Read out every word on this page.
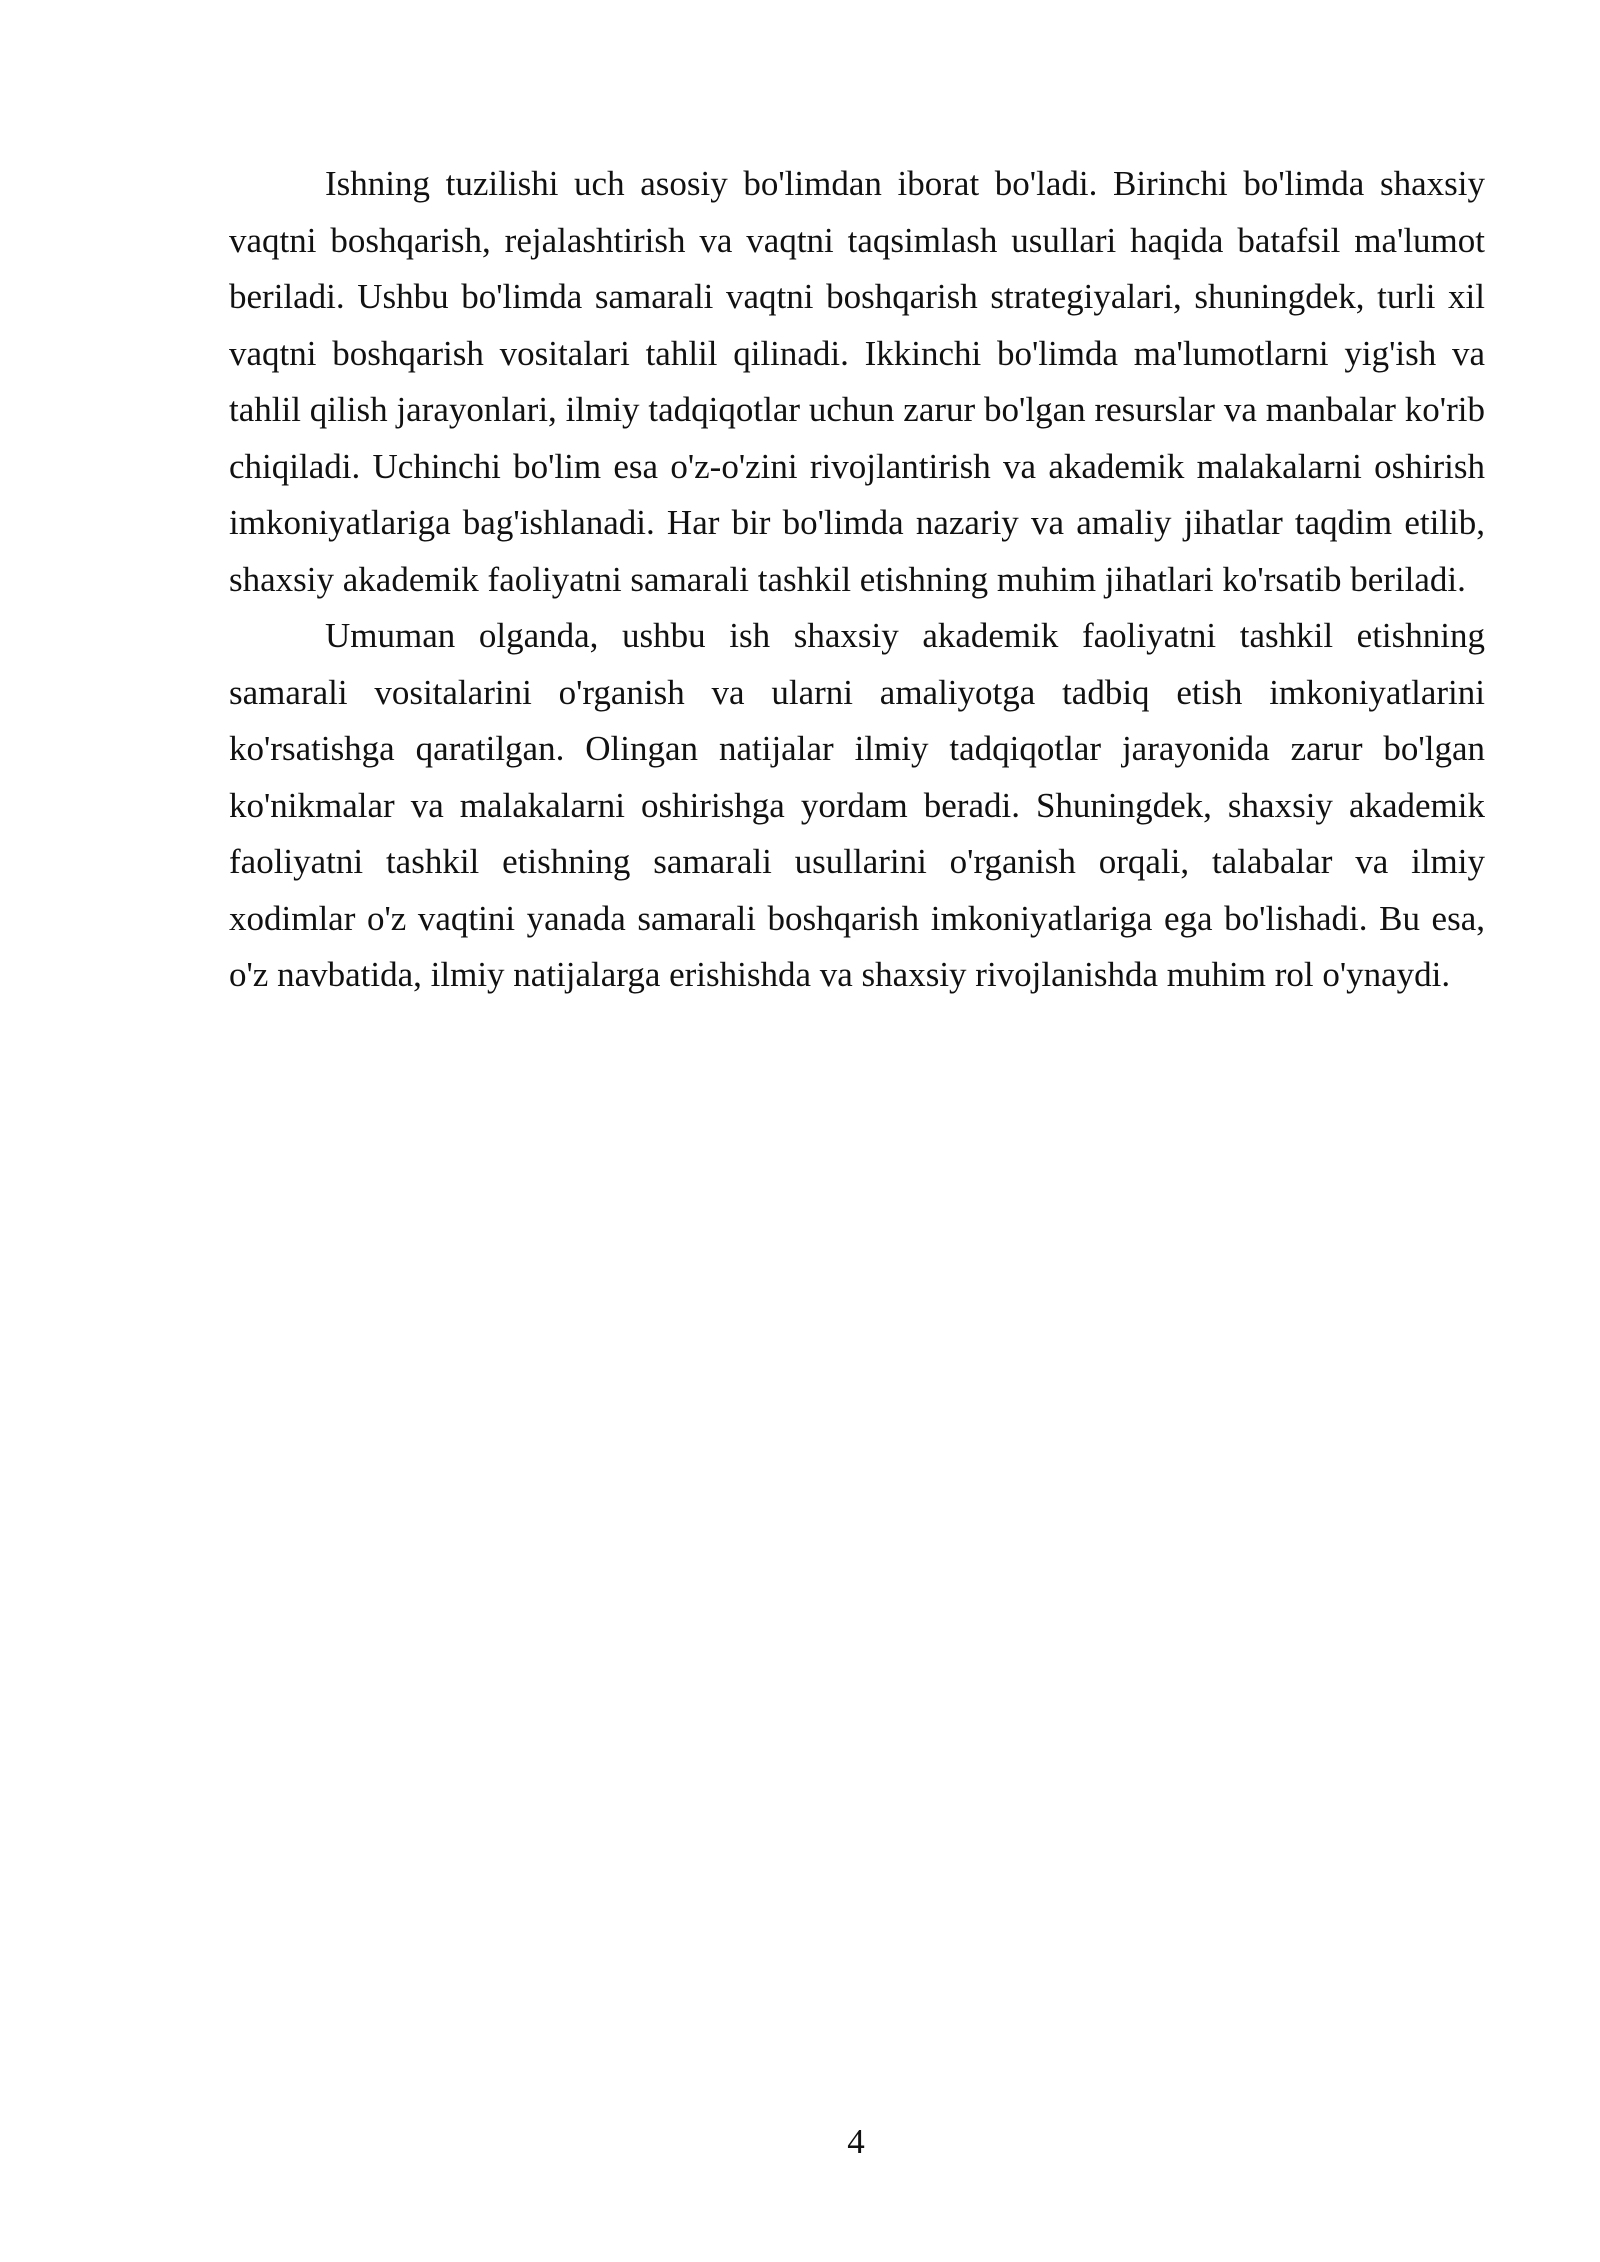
Ishning tuzilishi uch asosiy bo'limdan iborat bo'ladi. Birinchi bo'limda shaxsiy vaqtni boshqarish, rejalashtirish va vaqtni taqsimlash usullari haqida batafsil ma'lumot beriladi. Ushbu bo'limda samarali vaqtni boshqarish strategiyalari, shuningdek, turli xil vaqtni boshqarish vositalari tahlil qilinadi. Ikkinchi bo'limda ma'lumotlarni yig'ish va tahlil qilish jarayonlari, ilmiy tadqiqotlar uchun zarur bo'lgan resurslar va manbalar ko'rib chiqiladi. Uchinchi bo'lim esa o'z-o'zini rivojlantirish va akademik malakalarni oshirish imkoniyatlariga bag'ishlanadi. Har bir bo'limda nazariy va amaliy jihatlar taqdim etilib, shaxsiy akademik faoliyatni samarali tashkil etishning muhim jihatlari ko'rsatib beriladi.

Umuman olganda, ushbu ish shaxsiy akademik faoliyatni tashkil etishning samarali vositalarini o'rganish va ularni amaliyotga tadbiq etish imkoniyatlarini ko'rsatishga qaratilgan. Olingan natijalar ilmiy tadqiqotlar jarayonida zarur bo'lgan ko'nikmalar va malakalarni oshirishga yordam beradi. Shuningdek, shaxsiy akademik faoliyatni tashkil etishning samarali usullarini o'rganish orqali, talabalar va ilmiy xodimlar o'z vaqtini yanada samarali boshqarish imkoniyatlariga ega bo'lishadi. Bu esa, o'z navbatida, ilmiy natijalarga erishishda va shaxsiy rivojlanishda muhim rol o'ynaydi.

4
